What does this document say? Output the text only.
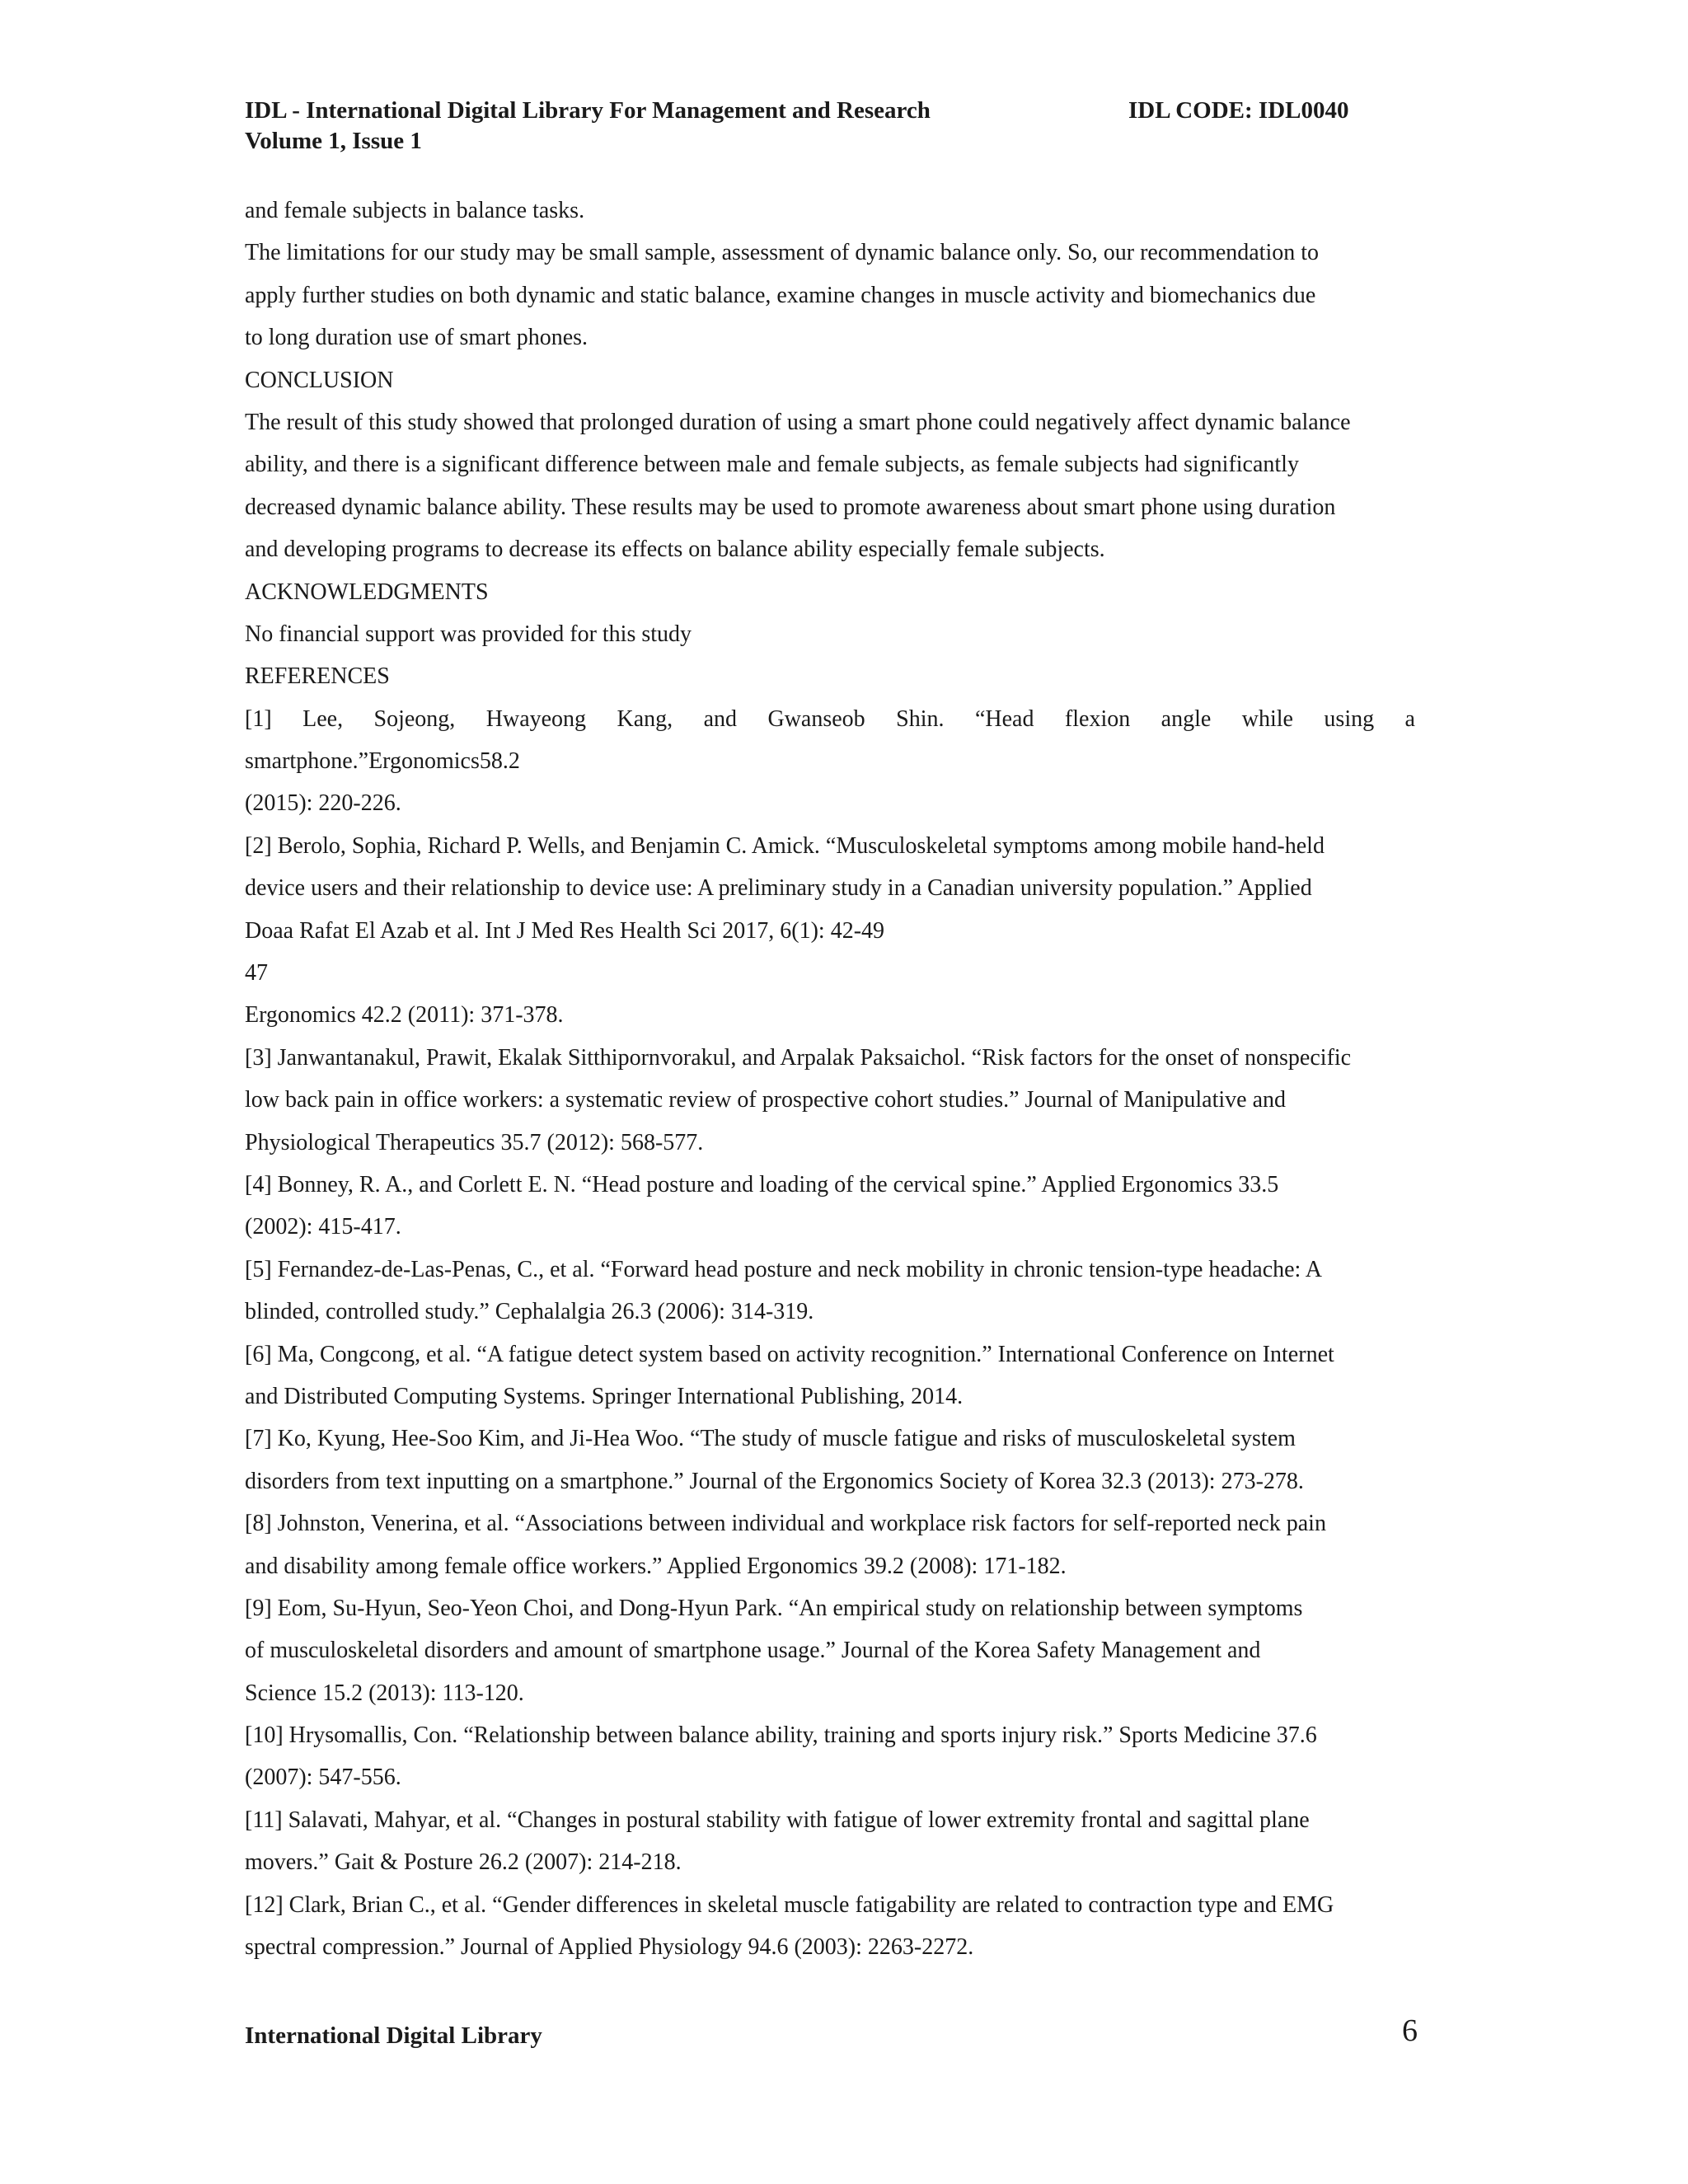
IDL - International Digital Library For Management and Research
Volume 1, Issue 1
IDL CODE: IDL0040
and female subjects in balance tasks.
The limitations for our study may be small sample, assessment of dynamic balance only. So, our recommendation to
apply further studies on both dynamic and static balance, examine changes in muscle activity and biomechanics due
to long duration use of smart phones.
CONCLUSION
The result of this study showed that prolonged duration of using a smart phone could negatively affect dynamic balance
ability, and there is a significant difference between male and female subjects, as female subjects had significantly
decreased dynamic balance ability. These results may be used to promote awareness about smart phone using duration
and developing programs to decrease its effects on balance ability especially female subjects.
ACKNOWLEDGMENTS
No financial support was provided for this study
REFERENCES
[1] Lee, Sojeong, Hwayeong Kang, and Gwanseob Shin. “Head flexion angle while using a
smartphone.”Ergonomics58.2
(2015): 220-226.
[2] Berolo, Sophia, Richard P. Wells, and Benjamin C. Amick. “Musculoskeletal symptoms among mobile hand-held
device users and their relationship to device use: A preliminary study in a Canadian university population.” Applied
Doaa Rafat El Azab et al. Int J Med Res Health Sci 2017, 6(1): 42-49
47
Ergonomics 42.2 (2011): 371-378.
[3] Janwantanakul, Prawit, Ekalak Sitthipornvorakul, and Arpalak Paksaichol. “Risk factors for the onset of nonspecific
low back pain in office workers: a systematic review of prospective cohort studies.” Journal of Manipulative and
Physiological Therapeutics 35.7 (2012): 568-577.
[4] Bonney, R. A., and Corlett E. N. “Head posture and loading of the cervical spine.” Applied Ergonomics 33.5
(2002): 415-417.
[5] Fernandez-de-Las-Penas, C., et al. “Forward head posture and neck mobility in chronic tension-type headache: A
blinded, controlled study.” Cephalalgia 26.3 (2006): 314-319.
[6] Ma, Congcong, et al. “A fatigue detect system based on activity recognition.” International Conference on Internet
and Distributed Computing Systems. Springer International Publishing, 2014.
[7] Ko, Kyung, Hee-Soo Kim, and Ji-Hea Woo. “The study of muscle fatigue and risks of musculoskeletal system
disorders from text inputting on a smartphone.” Journal of the Ergonomics Society of Korea 32.3 (2013): 273-278.
[8] Johnston, Venerina, et al. “Associations between individual and workplace risk factors for self-reported neck pain
and disability among female office workers.” Applied Ergonomics 39.2 (2008): 171-182.
[9] Eom, Su-Hyun, Seo-Yeon Choi, and Dong-Hyun Park. “An empirical study on relationship between symptoms
of musculoskeletal disorders and amount of smartphone usage.” Journal of the Korea Safety Management and
Science 15.2 (2013): 113-120.
[10] Hrysomallis, Con. “Relationship between balance ability, training and sports injury risk.” Sports Medicine 37.6
(2007): 547-556.
[11] Salavati, Mahyar, et al. “Changes in postural stability with fatigue of lower extremity frontal and sagittal plane
movers.” Gait & Posture 26.2 (2007): 214-218.
[12] Clark, Brian C., et al. “Gender differences in skeletal muscle fatigability are related to contraction type and EMG
spectral compression.” Journal of Applied Physiology 94.6 (2003): 2263-2272.
International Digital Library	6
